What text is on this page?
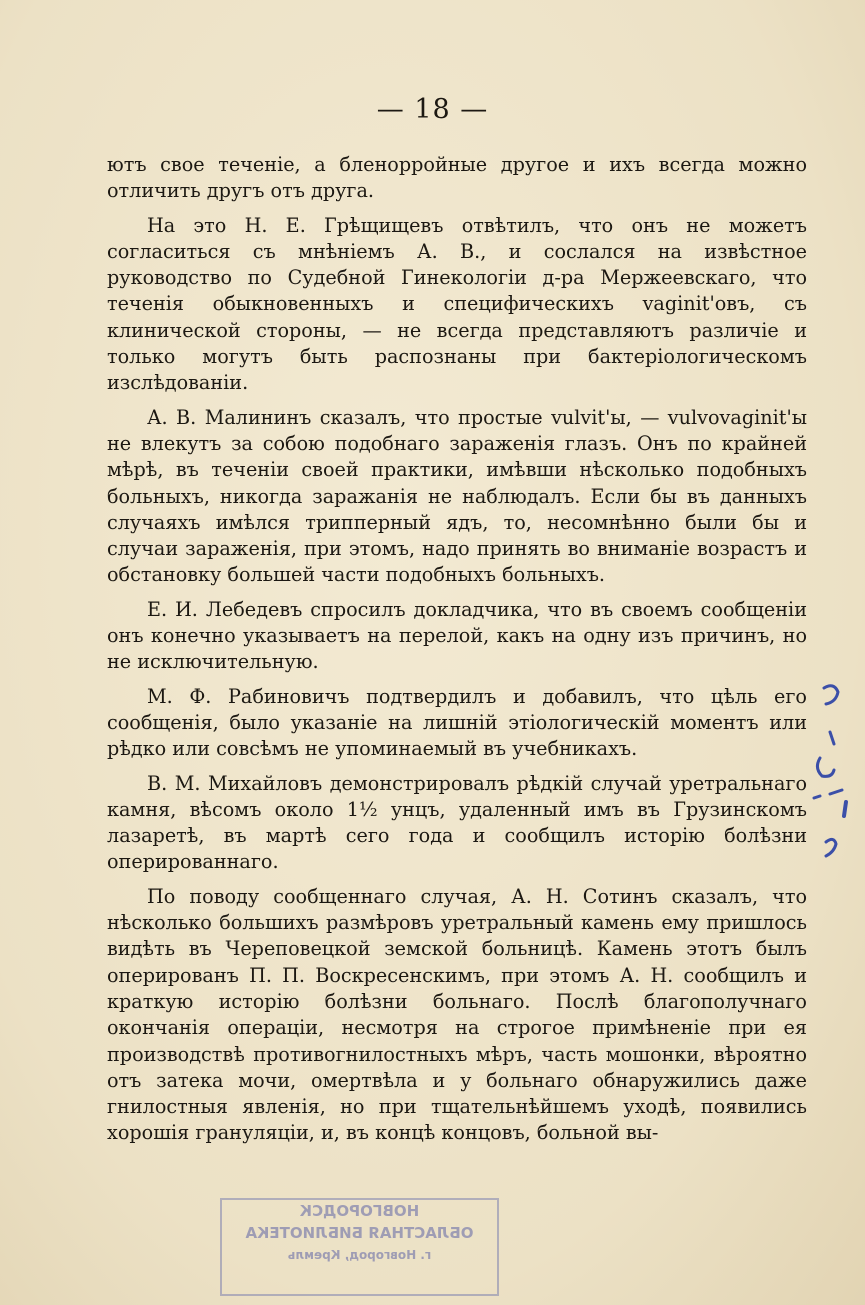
— 18 —

ютъ свое теченіе, а бленорройные другое и ихъ всегда можно отличить другъ отъ друга.

На это Н. Е. Грѣщищевъ отвѣтилъ, что онъ не можетъ согласиться съ мнѣніемъ А. В., и сослался на извѣстное руководство по Судебной Гинекологіи д-ра Мержеевскаго, что теченія обыкновенныхъ и специфическихъ vaginit'овъ, съ клинической стороны, — не всегда представляютъ различіе и только могутъ быть распознаны при бактеріологическомъ изслѣдованіи.

А. В. Малининъ сказалъ, что простые vulvit'ы, — vulvovaginit'ы не влекутъ за собою подобнаго зараженія глазъ. Онъ по крайней мѣрѣ, въ теченіи своей практики, имѣвши нѣсколько подобныхъ больныхъ, никогда заражанія не наблюдалъ. Если бы въ данныхъ случаяхъ имѣлся трипперный ядъ, то, несомнѣнно были бы и случаи зараженія, при этомъ, надо принять во вниманіе возрастъ и обстановку большей части подобныхъ больныхъ.

Е. И. Лебедевъ спросилъ докладчика, что въ своемъ сообщеніи онъ конечно указываетъ на перелой, какъ на одну изъ причинъ, но не исключительную.

М. Ф. Рабиновичъ подтвердилъ и добавилъ, что цѣль его сообщенія, было указаніе на лишній этіологическій моментъ или рѣдко или совсѣмъ не упоминаемый въ учебникахъ.

В. М. Михайловъ демонстрировалъ рѣдкій случай уретральнаго камня, вѣсомъ около 1½ унцъ, удаленный имъ въ Грузинскомъ лазаретѣ, въ мартѣ сего года и сообщилъ исторію болѣзни оперированнаго.

По поводу сообщеннаго случая, А. Н. Сотинъ сказалъ, что нѣсколько большихъ размѣровъ уретральный камень ему пришлось видѣть въ Череповецкой земской больницѣ. Камень этотъ былъ оперированъ П. П. Воскресенскимъ, при этомъ А. Н. сообщилъ и краткую исторію болѣзни больнаго. Послѣ благополучнаго окончанія операціи, несмотря на строгое примѣненіе при ея производствѣ противогнилостныхъ мѣръ, часть мошонки, вѣроятно отъ затека мочи, омертвѣла и у больнаго обнаружились даже гнилостныя явленія, но при тщательнѣйшемъ уходѣ, появились хорошія грануляціи, и, въ концѣ концовъ, больной вы-

НОВГОРОДСК
ОБЛАСТНАЯ БИБЛИОТЕКА
г. Новгород, Кремль
